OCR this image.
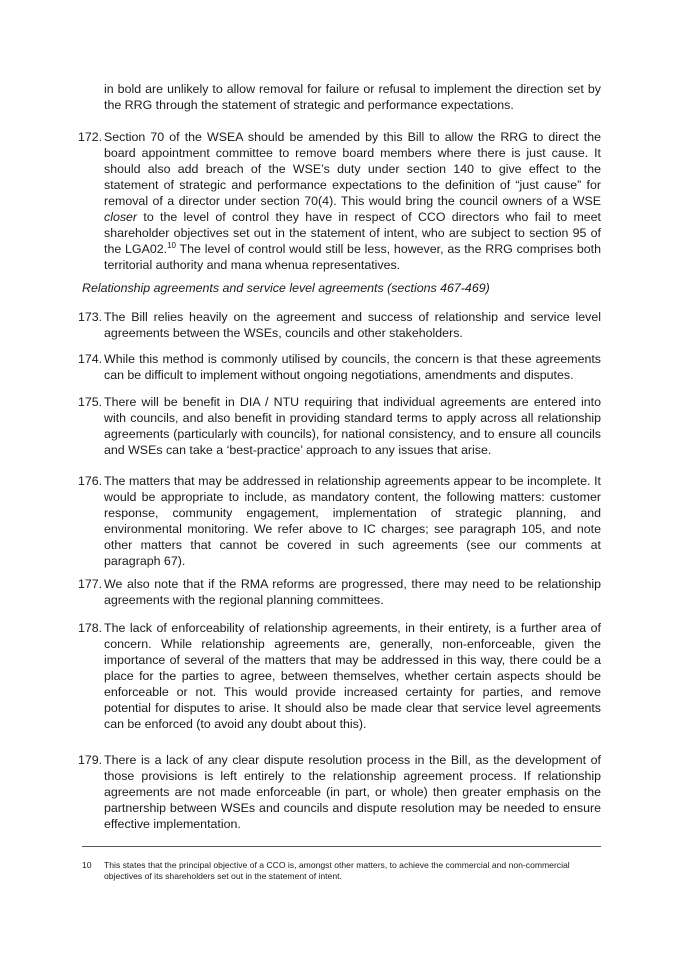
in bold are unlikely to allow removal for failure or refusal to implement the direction set by the RRG through the statement of strategic and performance expectations.

172. Section 70 of the WSEA should be amended by this Bill to allow the RRG to direct the board appointment committee to remove board members where there is just cause. It should also add breach of the WSE’s duty under section 140 to give effect to the statement of strategic and performance expectations to the definition of “just cause” for removal of a director under section 70(4). This would bring the council owners of a WSE closer to the level of control they have in respect of CCO directors who fail to meet shareholder objectives set out in the statement of intent, who are subject to section 95 of the LGA02.10 The level of control would still be less, however, as the RRG comprises both territorial authority and mana whenua representatives.

Relationship agreements and service level agreements (sections 467-469)

173. The Bill relies heavily on the agreement and success of relationship and service level agreements between the WSEs, councils and other stakeholders.

174. While this method is commonly utilised by councils, the concern is that these agreements can be difficult to implement without ongoing negotiations, amendments and disputes.

175. There will be benefit in DIA / NTU requiring that individual agreements are entered into with councils, and also benefit in providing standard terms to apply across all relationship agreements (particularly with councils), for national consistency, and to ensure all councils and WSEs can take a ‘best-practice’ approach to any issues that arise.

176. The matters that may be addressed in relationship agreements appear to be incomplete. It would be appropriate to include, as mandatory content, the following matters: customer response, community engagement, implementation of strategic planning, and environmental monitoring. We refer above to IC charges; see paragraph 105, and note other matters that cannot be covered in such agreements (see our comments at paragraph 67).

177. We also note that if the RMA reforms are progressed, there may need to be relationship agreements with the regional planning committees.

178. The lack of enforceability of relationship agreements, in their entirety, is a further area of concern. While relationship agreements are, generally, non-enforceable, given the importance of several of the matters that may be addressed in this way, there could be a place for the parties to agree, between themselves, whether certain aspects should be enforceable or not. This would provide increased certainty for parties, and remove potential for disputes to arise. It should also be made clear that service level agreements can be enforced (to avoid any doubt about this).

179. There is a lack of any clear dispute resolution process in the Bill, as the development of those provisions is left entirely to the relationship agreement process. If relationship agreements are not made enforceable (in part, or whole) then greater emphasis on the partnership between WSEs and councils and dispute resolution may be needed to ensure effective implementation.

10 This states that the principal objective of a CCO is, amongst other matters, to achieve the commercial and non-commercial objectives of its shareholders set out in the statement of intent.
